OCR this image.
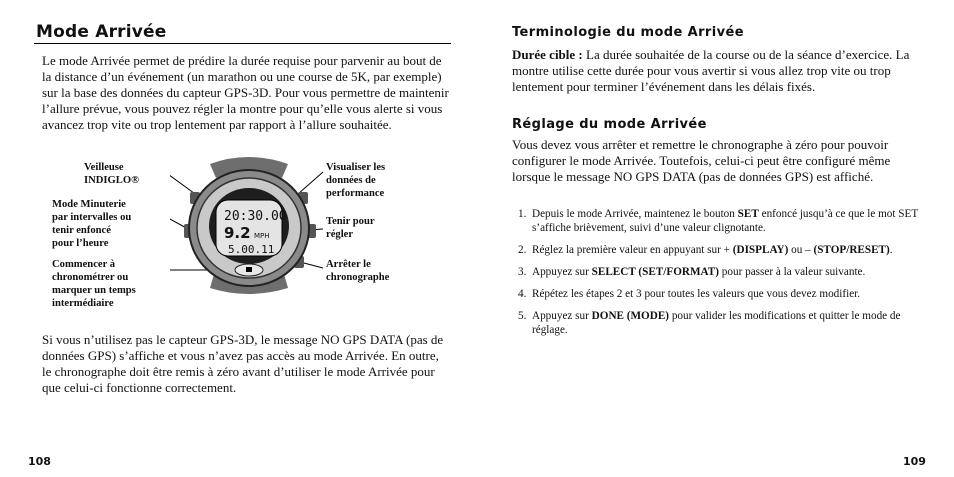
Mode Arrivée
Le mode Arrivée permet de prédire la durée requise pour parvenir au bout de la distance d’un événement (un marathon ou une course de 5K, par exemple) sur la base des données du capteur GPS-3D. Pour vous permettre de maintenir l’allure prévue, vous pouvez régler la montre pour qu’elle vous alerte si vous avancez trop vite ou trop lentement par rapport à l’allure souhaitée.
Veilleuse
INDIGLO®
Mode Minuterie
par intervalles ou
tenir enfoncé
pour l’heure
Commencer à
chronométrer ou
marquer un temps
intermédiaire
Visualiser les
données de
performance
Tenir pour
régler
Arrêter le
chronographe
20:30.00
9.2 MPH
5.00.11
Si vous n’utilisez pas le capteur GPS-3D, le message NO GPS DATA (pas de données GPS) s’affiche et vous n’avez pas accès au mode Arrivée. En outre, le chronographe doit être remis à zéro avant d’utiliser le mode Arrivée pour que celui-ci fonctionne correctement.
108
Terminologie du mode Arrivée
Durée cible : La durée souhaitée de la course ou de la séance d’exercice. La montre utilise cette durée pour vous avertir si vous allez trop vite ou trop lentement pour terminer l’événement dans les délais fixés.
Réglage du mode Arrivée
Vous devez vous arrêter et remettre le chronographe à zéro pour pouvoir configurer le mode Arrivée. Toutefois, celui-ci peut être configuré même lorsque le message NO GPS DATA (pas de données GPS) est affiché.
1. Depuis le mode Arrivée, maintenez le bouton SET enfoncé jusqu’à ce que le mot SET s’affiche brièvement, suivi d’une valeur clignotante.
2. Réglez la première valeur en appuyant sur + (DISPLAY) ou – (STOP/RESET).
3. Appuyez sur SELECT (SET/FORMAT) pour passer à la valeur suivante.
4. Répétez les étapes 2 et 3 pour toutes les valeurs que vous devez modifier.
5. Appuyez sur DONE (MODE) pour valider les modifications et quitter le mode de réglage.
109
